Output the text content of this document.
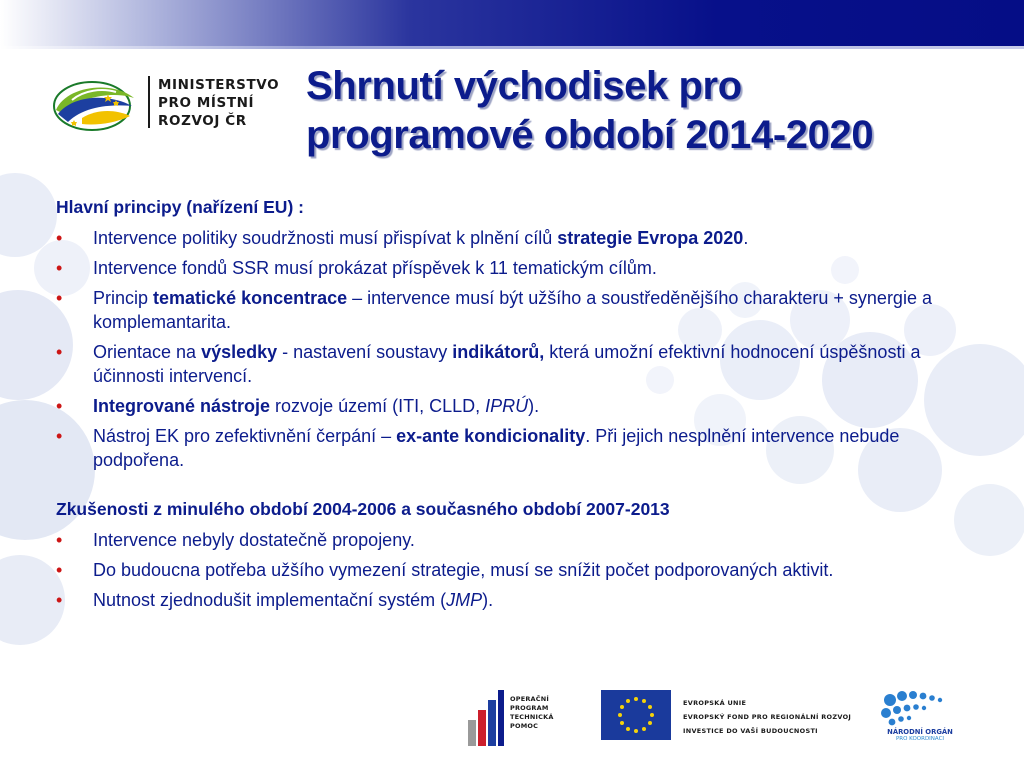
MINISTERSTVO
PRO MÍSTNÍ
ROZVOJ ČR
Shrnutí východisek pro
programové období 2014-2020
Hlavní principy (nařízení EU) :
• Intervence politiky soudržnosti musí přispívat k plnění cílů strategie Evropa 2020.
• Intervence fondů SSR musí prokázat příspěvek k 11 tematickým cílům.
• Princip tematické koncentrace – intervence musí být užšího a soustředěnějšího charakteru + synergie a komplemantarita.
• Orientace na výsledky - nastavení soustavy indikátorů, která umožní efektivní hodnocení úspěšnosti a účinnosti intervencí.
• Integrované nástroje rozvoje území (ITI, CLLD, IPRÚ).
• Nástroj EK pro zefektivnění čerpání – ex-ante kondicionality. Při jejich nesplnění intervence nebude podpořena.
Zkušenosti z minulého období 2004-2006 a současného období 2007-2013
• Intervence nebyly dostatečně propojeny.
• Do budoucna potřeba užšího vymezení strategie, musí se snížit počet podporovaných aktivit.
• Nutnost zjednodušit implementační systém (JMP).
OPERAČNÍ
PROGRAM
TECHNICKÁ
POMOC
EVROPSKÁ UNIE
EVROPSKÝ FOND PRO REGIONÁLNÍ ROZVOJ
INVESTICE DO VAŠÍ BUDOUCNOSTI	NÁRODNÍ ORGÁN
PRO KOORDINACI
